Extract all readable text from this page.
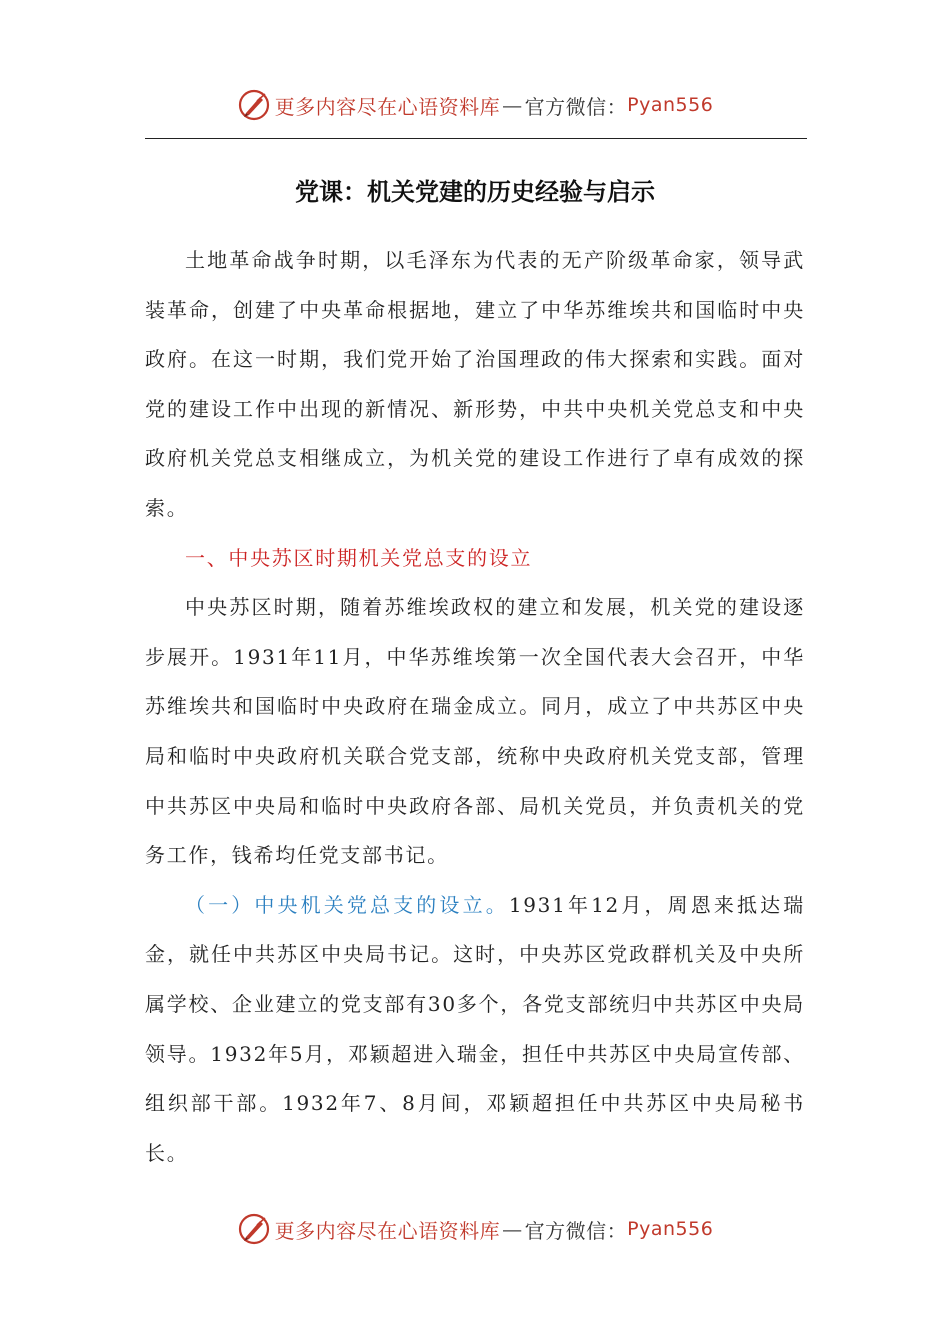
更多内容尽在心语资料库 — 官方微信： Pyan556
党课：机关党建的历史经验与启示

土地革命战争时期，以毛泽东为代表的无产阶级革命家，领导武装革命，创建了中央革命根据地，建立了中华苏维埃共和国临时中央政府。在这一时期，我们党开始了治国理政的伟大探索和实践。面对党的建设工作中出现的新情况、新形势，中共中央机关党总支和中央政府机关党总支相继成立，为机关党的建设工作进行了卓有成效的探索。

一、中央苏区时期机关党总支的设立

中央苏区时期，随着苏维埃政权的建立和发展，机关党的建设逐步展开。1931年11月，中华苏维埃第一次全国代表大会召开，中华苏维埃共和国临时中央政府在瑞金成立。同月，成立了中共苏区中央局和临时中央政府机关联合党支部，统称中央政府机关党支部，管理中共苏区中央局和临时中央政府各部、局机关党员，并负责机关的党务工作，钱希均任党支部书记。

（一）中央机关党总支的设立。1931年12月，周恩来抵达瑞金，就任中共苏区中央局书记。这时，中央苏区党政群机关及中央所属学校、企业建立的党支部有30多个，各党支部统归中共苏区中央局领导。1932年5月，邓颖超进入瑞金，担任中共苏区中央局宣传部、组织部干部。1932年7、8月间，邓颖超担任中共苏区中央局秘书长。

更多内容尽在心语资料库 — 官方微信： Pyan556
